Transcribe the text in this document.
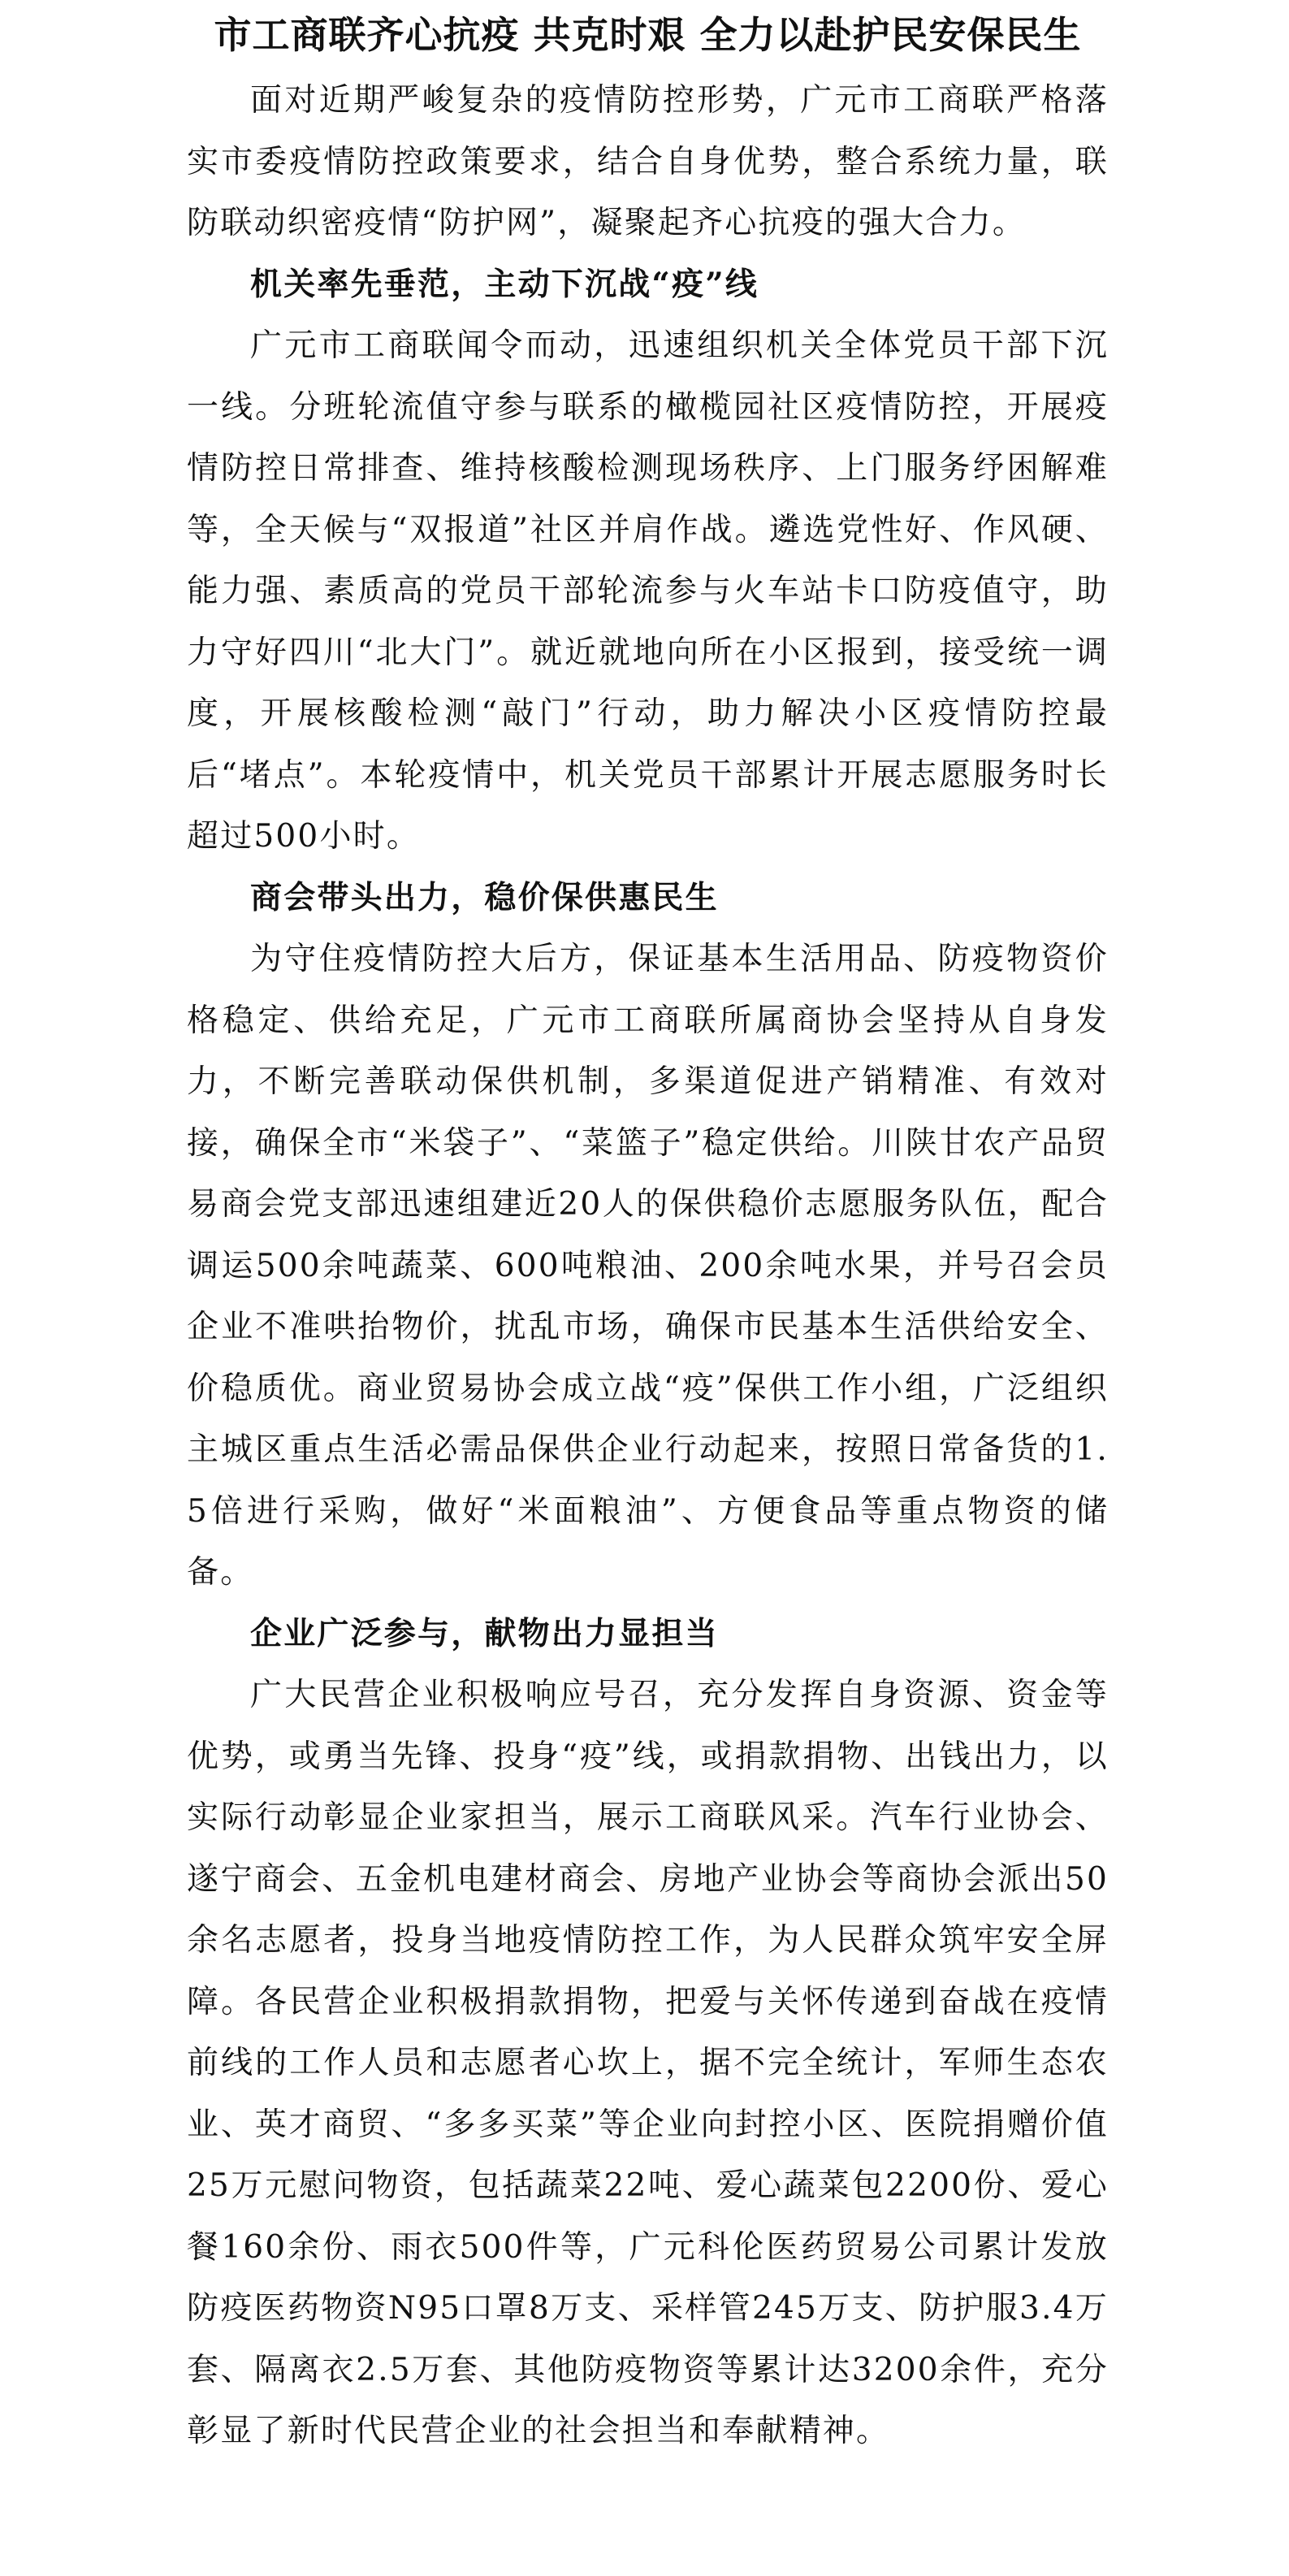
市工商联齐心抗疫 共克时艰 全力以赴护民安保民生

面对近期严峻复杂的疫情防控形势，广元市工商联严格落实市委疫情防控政策要求，结合自身优势，整合系统力量，联防联动织密疫情“防护网”，凝聚起齐心抗疫的强大合力。

机关率先垂范，主动下沉战“疫”线

广元市工商联闻令而动，迅速组织机关全体党员干部下沉一线。分班轮流值守参与联系的橄榄园社区疫情防控，开展疫情防控日常排查、维持核酸检测现场秩序、上门服务纾困解难等，全天候与“双报道”社区并肩作战。遴选党性好、作风硬、能力强、素质高的党员干部轮流参与火车站卡口防疫值守，助力守好四川“北大门”。就近就地向所在小区报到，接受统一调度，开展核酸检测“敲门”行动，助力解决小区疫情防控最后“堵点”。本轮疫情中，机关党员干部累计开展志愿服务时长超过500小时。

商会带头出力，稳价保供惠民生

为守住疫情防控大后方，保证基本生活用品、防疫物资价格稳定、供给充足，广元市工商联所属商协会坚持从自身发力，不断完善联动保供机制，多渠道促进产销精准、有效对接，确保全市“米袋子”、“菜篮子”稳定供给。川陕甘农产品贸易商会党支部迅速组建近20人的保供稳价志愿服务队伍，配合调运500余吨蔬菜、600吨粮油、200余吨水果，并号召会员企业不准哄抬物价，扰乱市场，确保市民基本生活供给安全、价稳质优。商业贸易协会成立战“疫”保供工作小组，广泛组织主城区重点生活必需品保供企业行动起来，按照日常备货的1.5倍进行采购，做好“米面粮油”、方便食品等重点物资的储备。

企业广泛参与，献物出力显担当

广大民营企业积极响应号召，充分发挥自身资源、资金等优势，或勇当先锋、投身“疫”线，或捐款捐物、出钱出力，以实际行动彰显企业家担当，展示工商联风采。汽车行业协会、遂宁商会、五金机电建材商会、房地产业协会等商协会派出50余名志愿者，投身当地疫情防控工作，为人民群众筑牢安全屏障。各民营企业积极捐款捐物，把爱与关怀传递到奋战在疫情前线的工作人员和志愿者心坎上，据不完全统计，军师生态农业、英才商贸、“多多买菜”等企业向封控小区、医院捐赠价值25万元慰问物资，包括蔬菜22吨、爱心蔬菜包2200份、爱心餐160余份、雨衣500件等，广元科伦医药贸易公司累计发放防疫医药物资N95口罩8万支、采样管245万支、防护服3.4万套、隔离衣2.5万套、其他防疫物资等累计达3200余件，充分彰显了新时代民营企业的社会担当和奉献精神。
